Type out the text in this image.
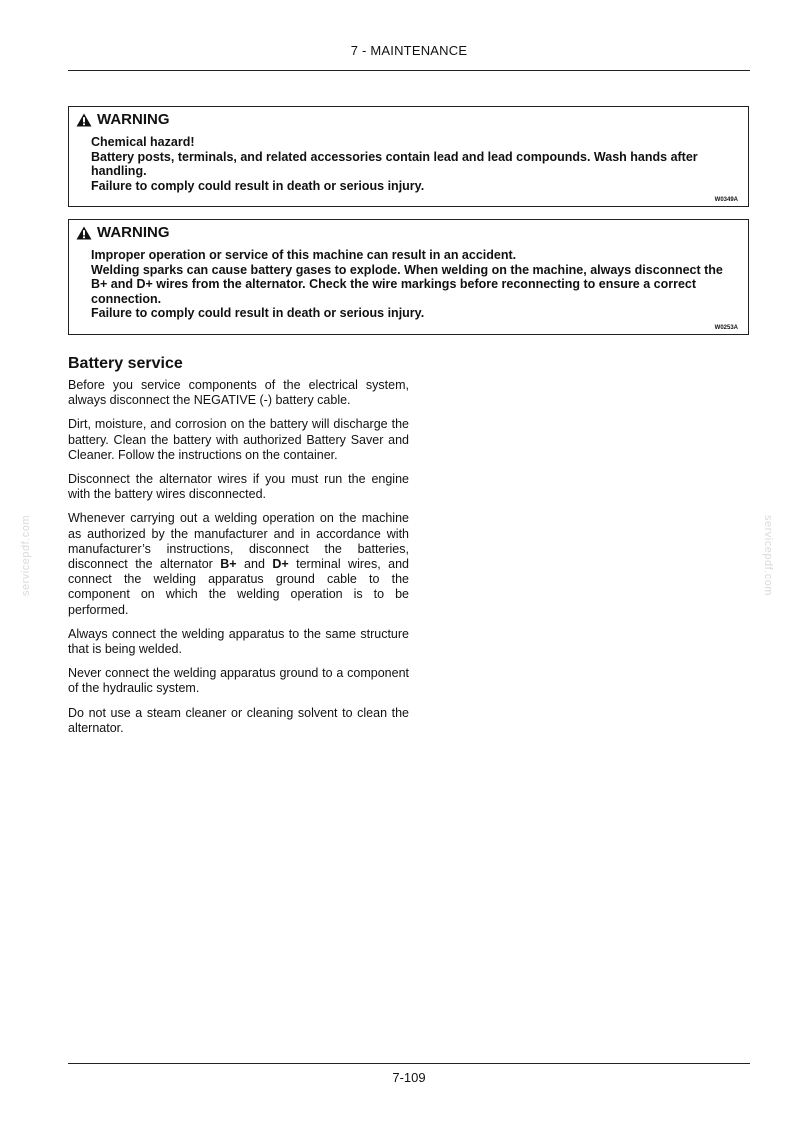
7 - MAINTENANCE
WARNING

Chemical hazard!

Battery posts, terminals, and related accessories contain lead and lead compounds. Wash hands after handling.

Failure to comply could result in death or serious injury.

W0349A
WARNING

Improper operation or service of this machine can result in an accident.

Welding sparks can cause battery gases to explode. When welding on the machine, always disconnect the B+ and D+ wires from the alternator. Check the wire markings before reconnecting to ensure a correct connection.

Failure to comply could result in death or serious injury.

W0253A
Battery service

Before you service components of the electrical system, always disconnect the NEGATIVE (-) battery cable.

Dirt, moisture, and corrosion on the battery will discharge the battery. Clean the battery with authorized Battery Saver and Cleaner. Follow the instructions on the container.

Disconnect the alternator wires if you must run the engine with the battery wires disconnected.

Whenever carrying out a welding operation on the machine as authorized by the manufacturer and in accordance with manufacturer’s instructions, disconnect the batteries, disconnect the alternator B+ and D+ terminal wires, and connect the welding apparatus ground cable to the component on which the welding operation is to be performed.

Always connect the welding apparatus to the same structure that is being welded.

Never connect the welding apparatus ground to a component of the hydraulic system.

Do not use a steam cleaner or cleaning solvent to clean the alternator.

servicepdf.com	servicepdf.com
7-109
